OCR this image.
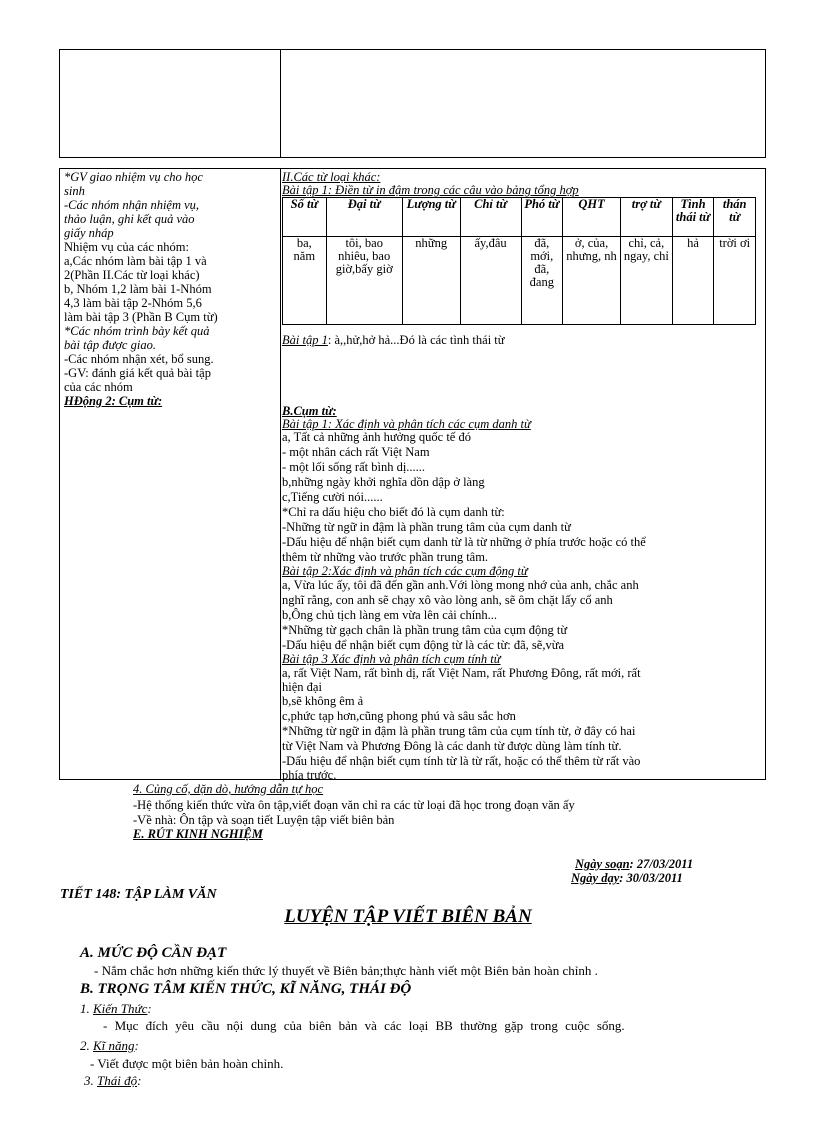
*GV giao nhiệm vụ cho học
sinh
-Các nhóm nhận nhiệm vụ,
thảo luận, ghi kết quả vào
giấy nháp
Nhiệm vụ của các nhóm:
a,Các nhóm làm bài tập 1 và
2(Phần II.Các từ loại khác)
b, Nhóm 1,2 làm bài 1-Nhóm
4,3 làm bài tập 2-Nhóm 5,6
làm bài tập 3 (Phần B Cụm từ)
*Các nhóm trình bày kết quả
bài tập được giao.
-Các nhóm nhận xét, bổ sung.
-GV: đánh giá kết quả bài tập
của các nhóm
HĐộng 2: Cụm từ:
II.Các từ loại khác:
Bài tập 1: Điền từ in đậm trong các câu vào bảng tổng hợp
Số từ	Đại từ	Lượng từ	Chỉ từ	Phó từ	QHT	trợ từ	Tình thái từ	thán từ
ba, năm	tôi, bao nhiêu, bao giờ,bấy giờ	những	ấy,đâu	đã, mới, đã, đang	ở, của, nhưng, nh	chỉ, cả, ngay, chỉ	hả	trời ơi
Bài tập 1: à,,hử,hở hả...Đó là các tình thái từ
B.Cụm từ:
Bài tập 1: Xác định và phân tích các cụm danh từ
a, Tất cả những ảnh hưởng quốc tế đó
- một nhân cách rất Việt Nam
- một lối sống rất bình dị......
b,những ngày khởi nghĩa dồn dập ở làng
c,Tiếng cười nói......
*Chỉ ra dấu hiệu cho biết đó là cụm danh từ:
-Những từ ngữ in đậm là phần trung tâm của cụm danh từ
-Dấu hiệu để nhận biết cụm danh từ là từ những ở phía trước hoặc có thể
thêm từ những vào trước phần trung tâm.
Bài tập 2:Xác định và phân tích các cụm động từ
a, Vừa lúc ấy, tôi đã đến gần anh.Với lòng mong nhớ của anh, chắc anh
nghĩ rằng, con anh sẽ chạy xô vào lòng anh, sẽ ôm chặt lấy cổ anh
b,Ông chủ tịch làng em vừa lên cải chính...
*Những từ gạch chân là phần trung tâm của cụm động từ
-Dấu hiệu để nhận biết cụm động từ là các từ: đã, sẽ,vừa
Bài tập 3 Xác định và phân tích cụm tính từ
a, rất Việt Nam, rất bình dị, rất Việt Nam, rất Phương Đông, rất mới, rất
hiện đại
b,sẽ không êm ả
c,phức tạp hơn,cũng phong phú và sâu sắc hơn
*Những từ ngữ in đậm là phần trung tâm của cụm tính từ, ở đây có hai
từ Việt Nam và Phương Đông là các danh từ được dùng làm tính từ.
-Dấu hiệu để nhận biết cụm tính từ là từ rất, hoặc có thể thêm từ rất vào
phía trước.
4. Củng cố, dặn dò, hướng dẫn tự học
-Hệ thống kiến thức vừa ôn tập,viết đoạn văn chỉ ra các từ loại đã học trong đoạn văn ấy
-Về nhà: Ôn tập và soạn tiết Luyện tập viết biên bản
E. RÚT KINH NGHIỆM
Ngày soạn: 27/03/2011
Ngày dạy: 30/03/2011
TIẾT 148: TẬP LÀM VĂN
LUYỆN TẬP VIẾT BIÊN BẢN
A. MỨC ĐỘ CẦN ĐẠT
- Nắm chắc hơn những kiến thức lý thuyết về Biên bản;thực hành viết một Biên bản hoàn chỉnh .
B. TRỌNG TÂM KIẾN THỨC, KĨ NĂNG, THÁI ĐỘ
1. Kiến Thức:
- Mục đích yêu cầu nội dung của biên bản và các loại BB thường gặp trong cuộc sống.
2. Kĩ năng:
- Viết được một biên bản hoàn chỉnh.
3. Thái độ:
